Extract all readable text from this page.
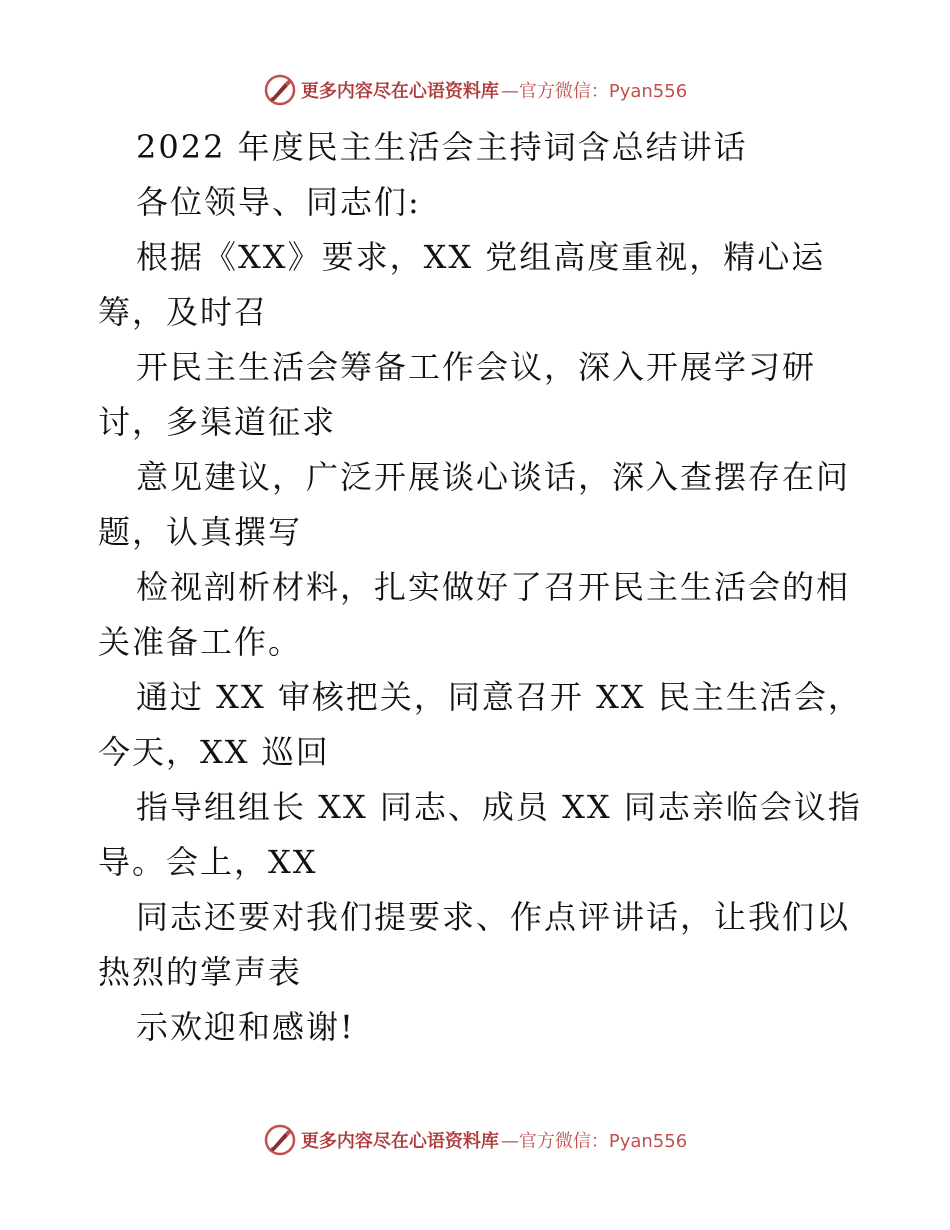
更多内容尽在心语资料库 —官方微信：Pyan556
2022 年度民主生活会主持词含总结讲话
各位领导、同志们:
根据《XX》要求，XX 党组高度重视，精心运
筹，及时召
开民主生活会筹备工作会议，深入开展学习研
讨，多渠道征求
意见建议，广泛开展谈心谈话，深入查摆存在问
题，认真撰写
检视剖析材料，扎实做好了召开民主生活会的相
关准备工作。
通过 XX 审核把关，同意召开 XX 民主生活会，
今天，XX 巡回
指导组组长 XX 同志、成员 XX 同志亲临会议指
导。会上，XX
同志还要对我们提要求、作点评讲话，让我们以
热烈的掌声表
示欢迎和感谢!
更多内容尽在心语资料库 —官方微信：Pyan556
